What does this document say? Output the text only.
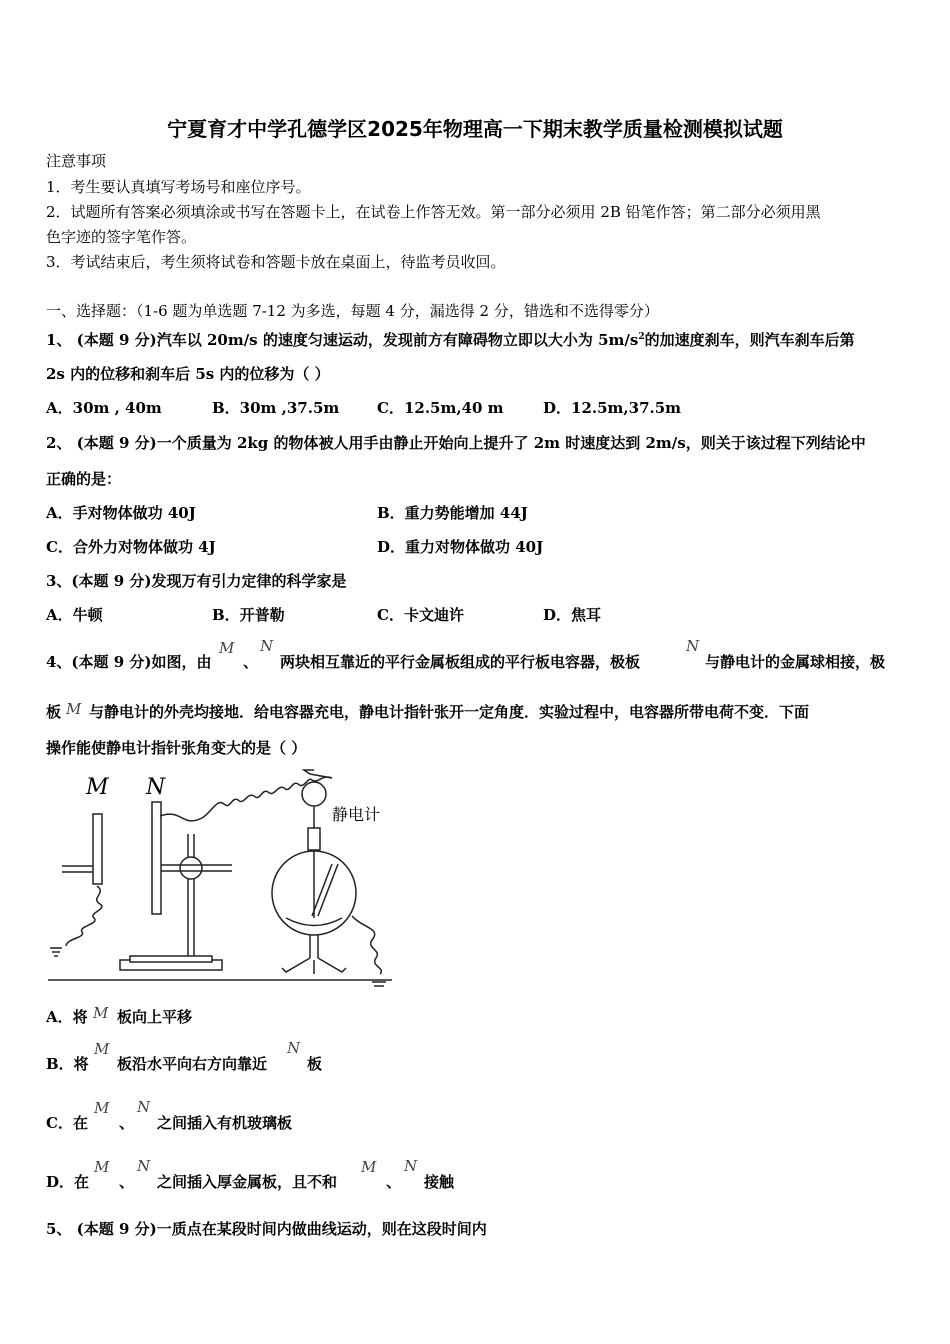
宁夏育才中学孔德学区2025年物理高一下期末教学质量检测模拟试题
注意事项
1．考生要认真填写考场号和座位序号。
2．试题所有答案必须填涂或书写在答题卡上，在试卷上作答无效。第一部分必须用 2B 铅笔作答；第二部分必须用黑
色字迹的签字笔作答。
3．考试结束后，考生须将试卷和答题卡放在桌面上，待监考员收回。
一、选择题：（1-6 题为单选题 7-12 为多选，每题 4 分，漏选得 2 分，错选和不选得零分）
1、 (本题 9 分)汽车以 20m/s 的速度匀速运动，发现前方有障碍物立即以大小为 $5m/s^2$的加速度刹车，则汽车刹车后第
2s 内的位移和刹车后 5s 内的位移为（ ）
A．30m , 40m	B．30m ,37.5m	C．12.5m,40 m	D．12.5m,37.5m
2、 (本题 9 分)一个质量为 2kg 的物体被人用手由静止开始向上提升了 2m 时速度达到 2m/s，则关于该过程下列结论中
正确的是：
A．手对物体做功 40J	B．重力势能增加 44J
C．合外力对物体做功 4J	D．重力对物体做功 40J
3、(本题 9 分)发现万有引力定律的科学家是
A．牛顿	B．开普勒	C．卡文迪许	D．焦耳
4、(本题 9 分)如图，由
M
、
N
两块相互靠近的平行金属板组成的平行板电容器，极板
N
与静电计的金属球相接，极
板 M 与静电计的外壳均接地．给电容器充电，静电计指针张开一定角度．实验过程中，电容器所带电荷不变．下面
操作能使静电计指针张角变大的是（ ）
M N
静电计
A．将 M 板向上平移
B．将
M
板沿水平向右方向靠近
N
板
C．在
M
、
N
之间插入有机玻璃板
D．在
M
、
N
之间插入厚金属板，且不和
M
、
N
接触
5、 (本题 9 分)一质点在某段时间内做曲线运动，则在这段时间内
